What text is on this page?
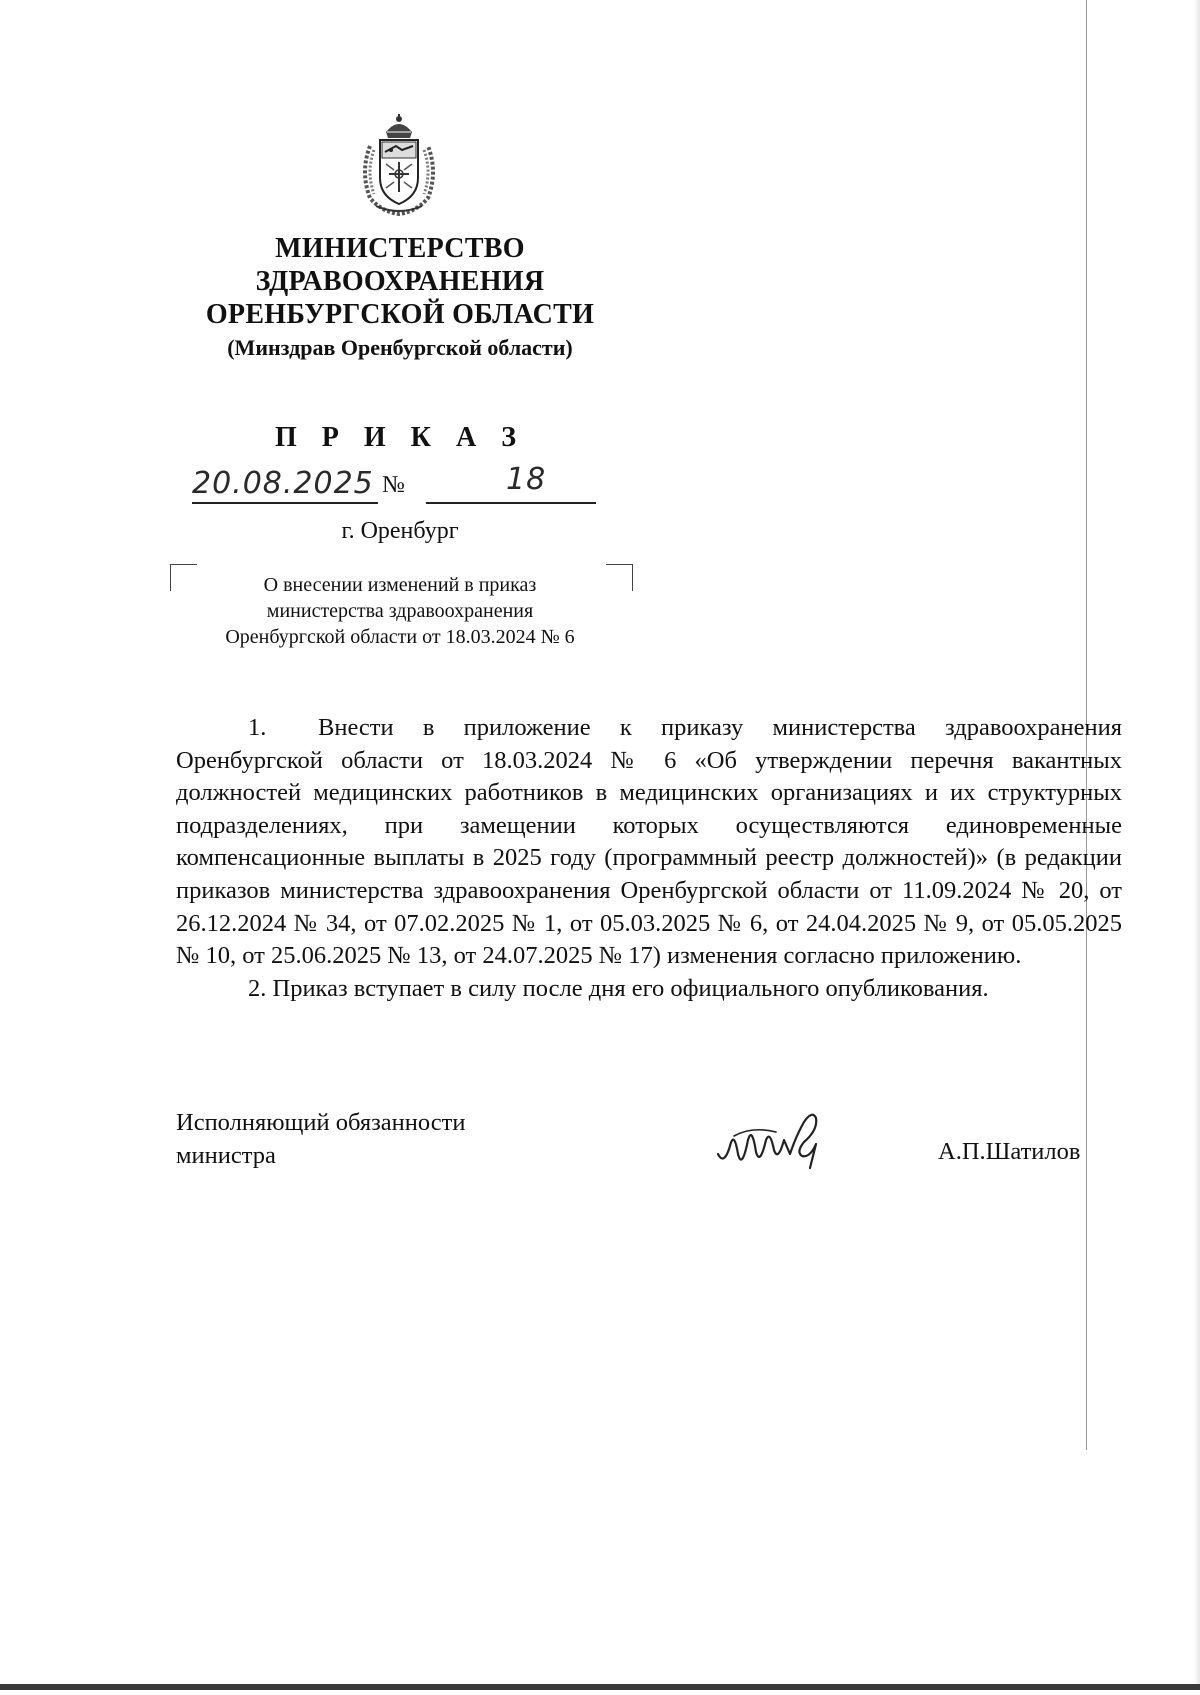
МИНИСТЕРСТВО
ЗДРАВООХРАНЕНИЯ
ОРЕНБУРГСКОЙ ОБЛАСТИ
(Минздрав Оренбургской области)
П Р И К А З
20.08.2025 №	18
г. Оренбург
О внесении изменений в приказ
министерства здравоохранения
Оренбургской области от 18.03.2024 № 6

1. Внести в приложение к приказу министерства здравоохранения Оренбургской области от 18.03.2024 № 6 «Об утверждении перечня вакантных должностей медицинских работников в медицинских организациях и их структурных подразделениях, при замещении которых осуществляются единовременные компенсационные выплаты в 2025 году (программный реестр должностей)» (в редакции приказов министерства здравоохранения Оренбургской области от 11.09.2024 № 20, от 26.12.2024 № 34, от 07.02.2025 № 1, от 05.03.2025 № 6, от 24.04.2025 № 9, от 05.05.2025 № 10, от 25.06.2025 № 13, от 24.07.2025 № 17) изменения согласно приложению.

2. Приказ вступает в силу после дня его официального опубликования.

Исполняющий обязанности
министра	А.П.Шатилов
